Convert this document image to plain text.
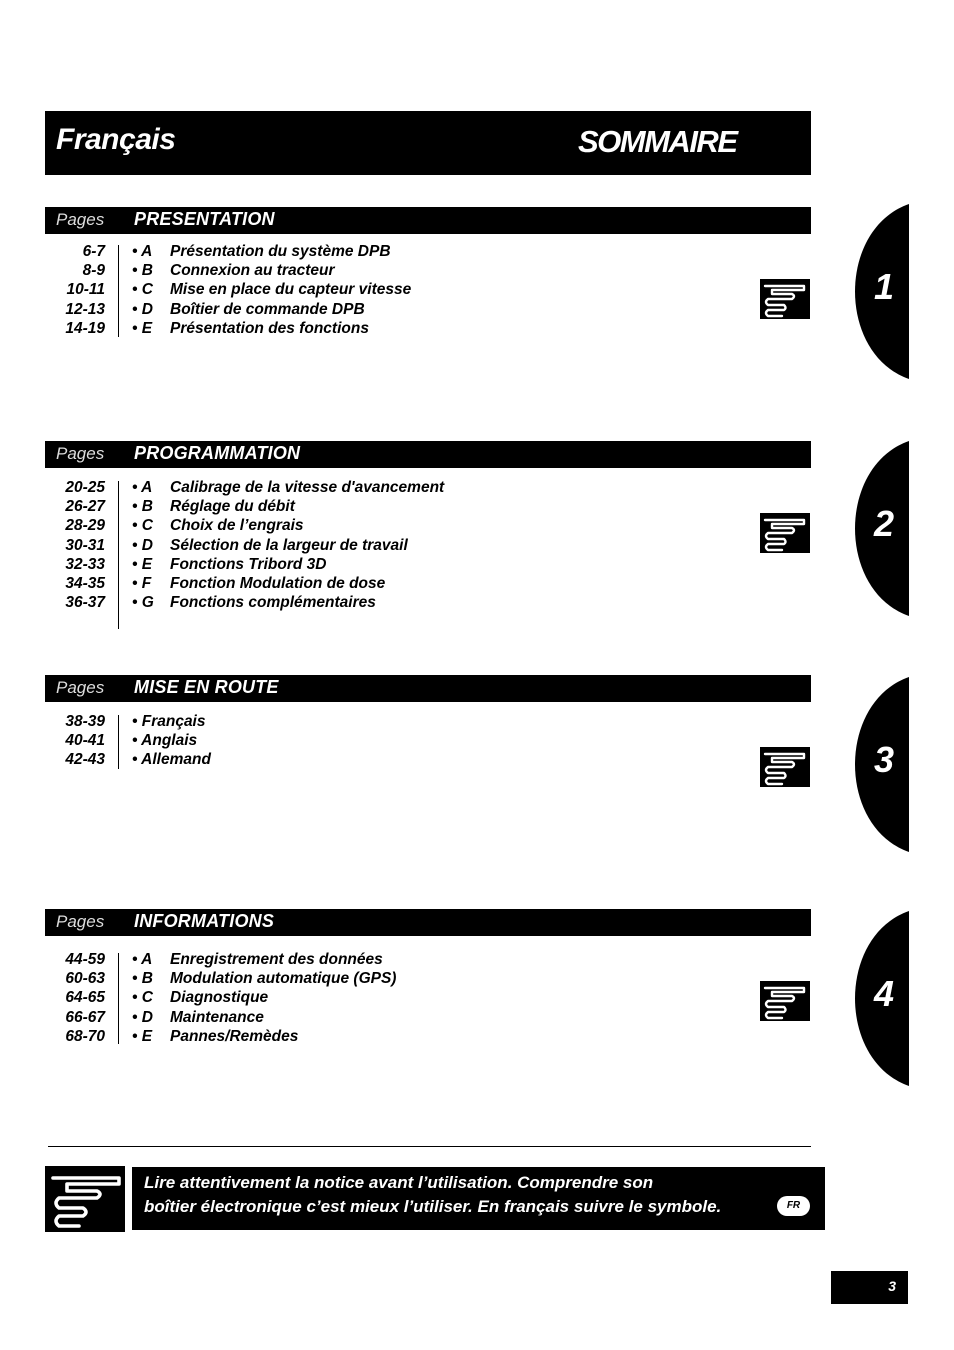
Français	SOMMAIRE
Pages PRESENTATION
6-7 • A Présentation du système DPB
8-9 • B Connexion au tracteur
10-11 • C Mise en place du capteur vitesse
12-13 • D Boîtier de commande DPB
14-19 • E Présentation des fonctions
1
Pages PROGRAMMATION
20-25 • A Calibrage de la vitesse d'avancement
26-27 • B Réglage du débit
28-29 • C Choix de l’engrais
30-31 • D Sélection de la largeur de travail
32-33 • E Fonctions Tribord 3D
34-35 • F Fonction Modulation de dose
36-37 • G Fonctions complémentaires
2
Pages MISE EN ROUTE
38-39 • Français
40-41 • Anglais
42-43 • Allemand	3
Pages INFORMATIONS
44-59 • A Enregistrement des données
60-63 • B Modulation automatique (GPS)
64-65 • C Diagnostique
66-67 • D Maintenance
68-70 • E Pannes/Remèdes
4
Lire attentivement la notice avant l’utilisation. Comprendre son
boîtier électronique c’est mieux l’utiliser. En français suivre le symbole.	FR
3
